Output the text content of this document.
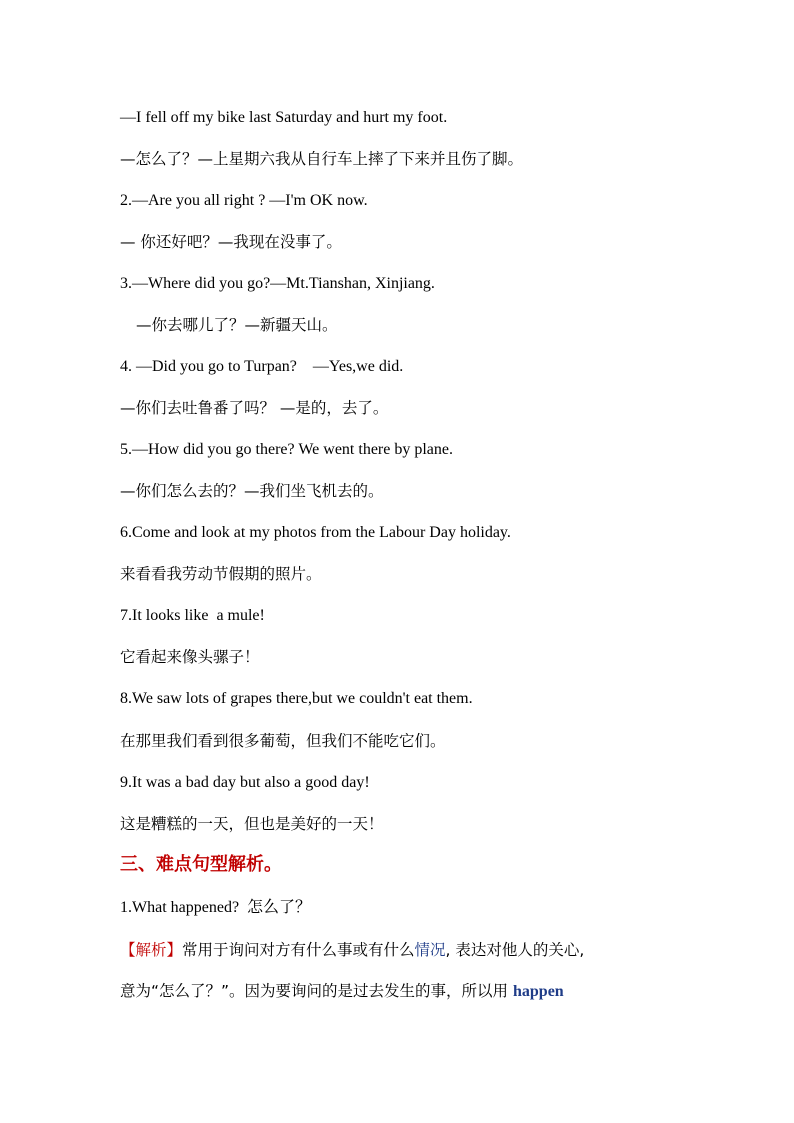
—I fell off my bike last Saturday and hurt my foot.
—怎么了？—上星期六我从自行车上摔了下来并且伤了脚。
2.—Are you all right ? —I'm OK now.
— 你还好吧？—我现在没事了。
3.—Where did you go?—Mt.Tianshan, Xinjiang.
—你去哪儿了？—新疆天山。
4. —Did you go to Turpan?    —Yes,we did.
—你们去吐鲁番了吗？ —是的，去了。
5.—How did you go there? We went there by plane.
—你们怎么去的？—我们坐飞机去的。
6.Come and look at my photos from the Labour Day holiday.
来看看我劳动节假期的照片。
7.It looks like  a mule!
它看起来像头骡子！
8.We saw lots of grapes there,but we couldn't eat them.
在那里我们看到很多葡萄，但我们不能吃它们。
9.It was a bad day but also a good day!
这是糟糕的一天，但也是美好的一天！
三、难点句型解析。
1.What happened?  怎么了？
【解析】常用于询问对方有什么事或有什么情况, 表达对他人的关心,
意为“怎么了？”。因为要询问的是过去发生的事，所以用 happen
